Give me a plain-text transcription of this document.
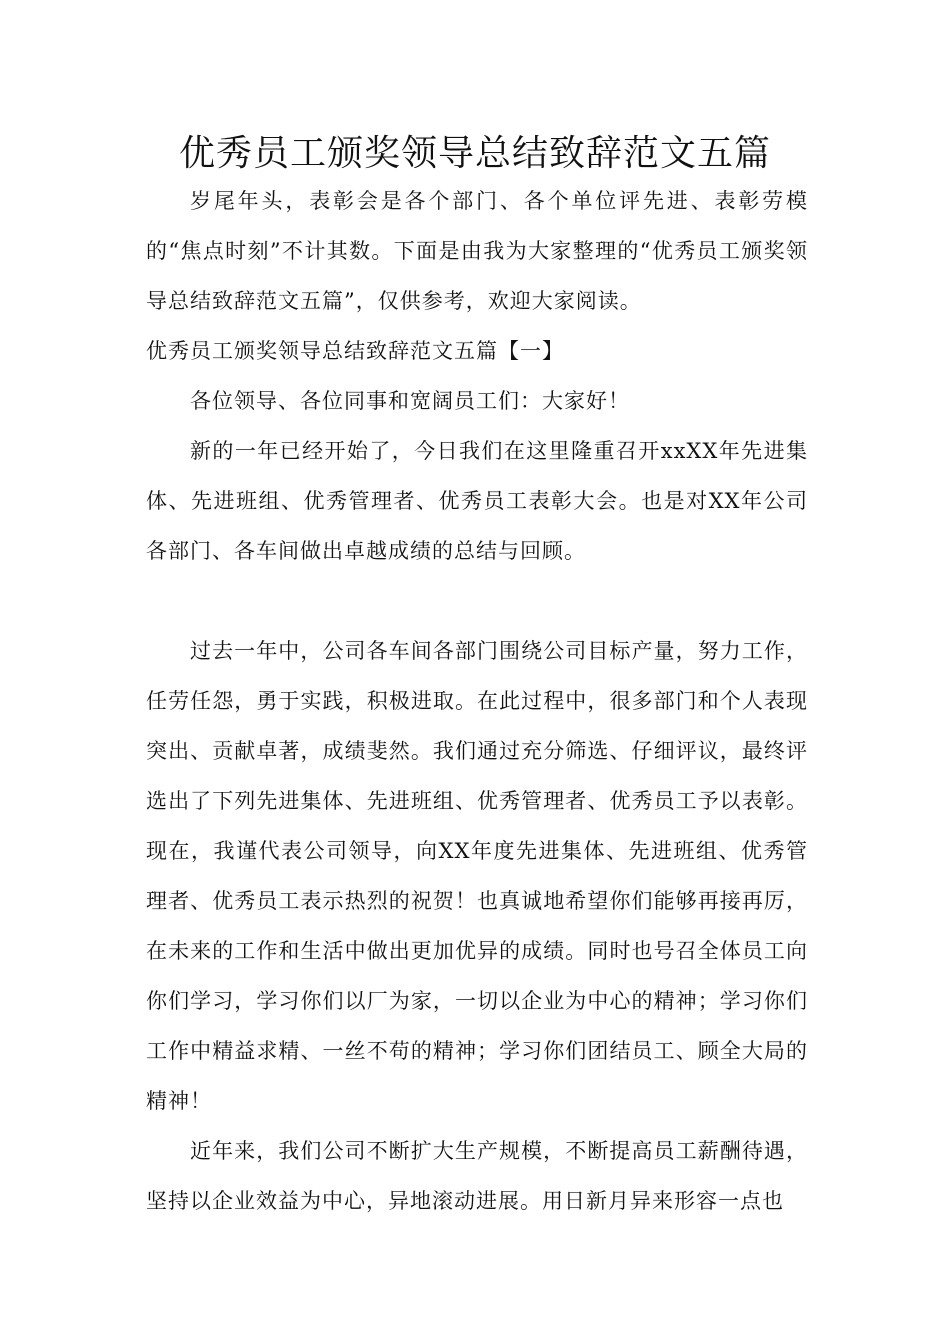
优秀员工颁奖领导总结致辞范文五篇
岁尾年头，表彰会是各个部门、各个单位评先进、表彰劳模的“焦点时刻”不计其数。下面是由我为大家整理的“优秀员工颁奖领导总结致辞范文五篇”，仅供参考，欢迎大家阅读。
优秀员工颁奖领导总结致辞范文五篇【一】
各位领导、各位同事和宽阔员工们：大家好！
新的一年已经开始了，今日我们在这里隆重召开xxXX年先进集体、先进班组、优秀管理者、优秀员工表彰大会。也是对XX年公司各部门、各车间做出卓越成绩的总结与回顾。
过去一年中，公司各车间各部门围绕公司目标产量，努力工作，任劳任怨，勇于实践，积极进取。在此过程中，很多部门和个人表现突出、贡献卓著，成绩斐然。我们通过充分筛选、仔细评议，最终评选出了下列先进集体、先进班组、优秀管理者、优秀员工予以表彰。现在，我谨代表公司领导，向XX年度先进集体、先进班组、优秀管理者、优秀员工表示热烈的祝贺！也真诚地希望你们能够再接再厉，在未来的工作和生活中做出更加优异的成绩。同时也号召全体员工向你们学习，学习你们以厂为家，一切以企业为中心的精神；学习你们工作中精益求精、一丝不苟的精神；学习你们团结员工、顾全大局的精神！
近年来，我们公司不断扩大生产规模，不断提高员工薪酬待遇，坚持以企业效益为中心，异地滚动进展。用日新月异来形容一点也
